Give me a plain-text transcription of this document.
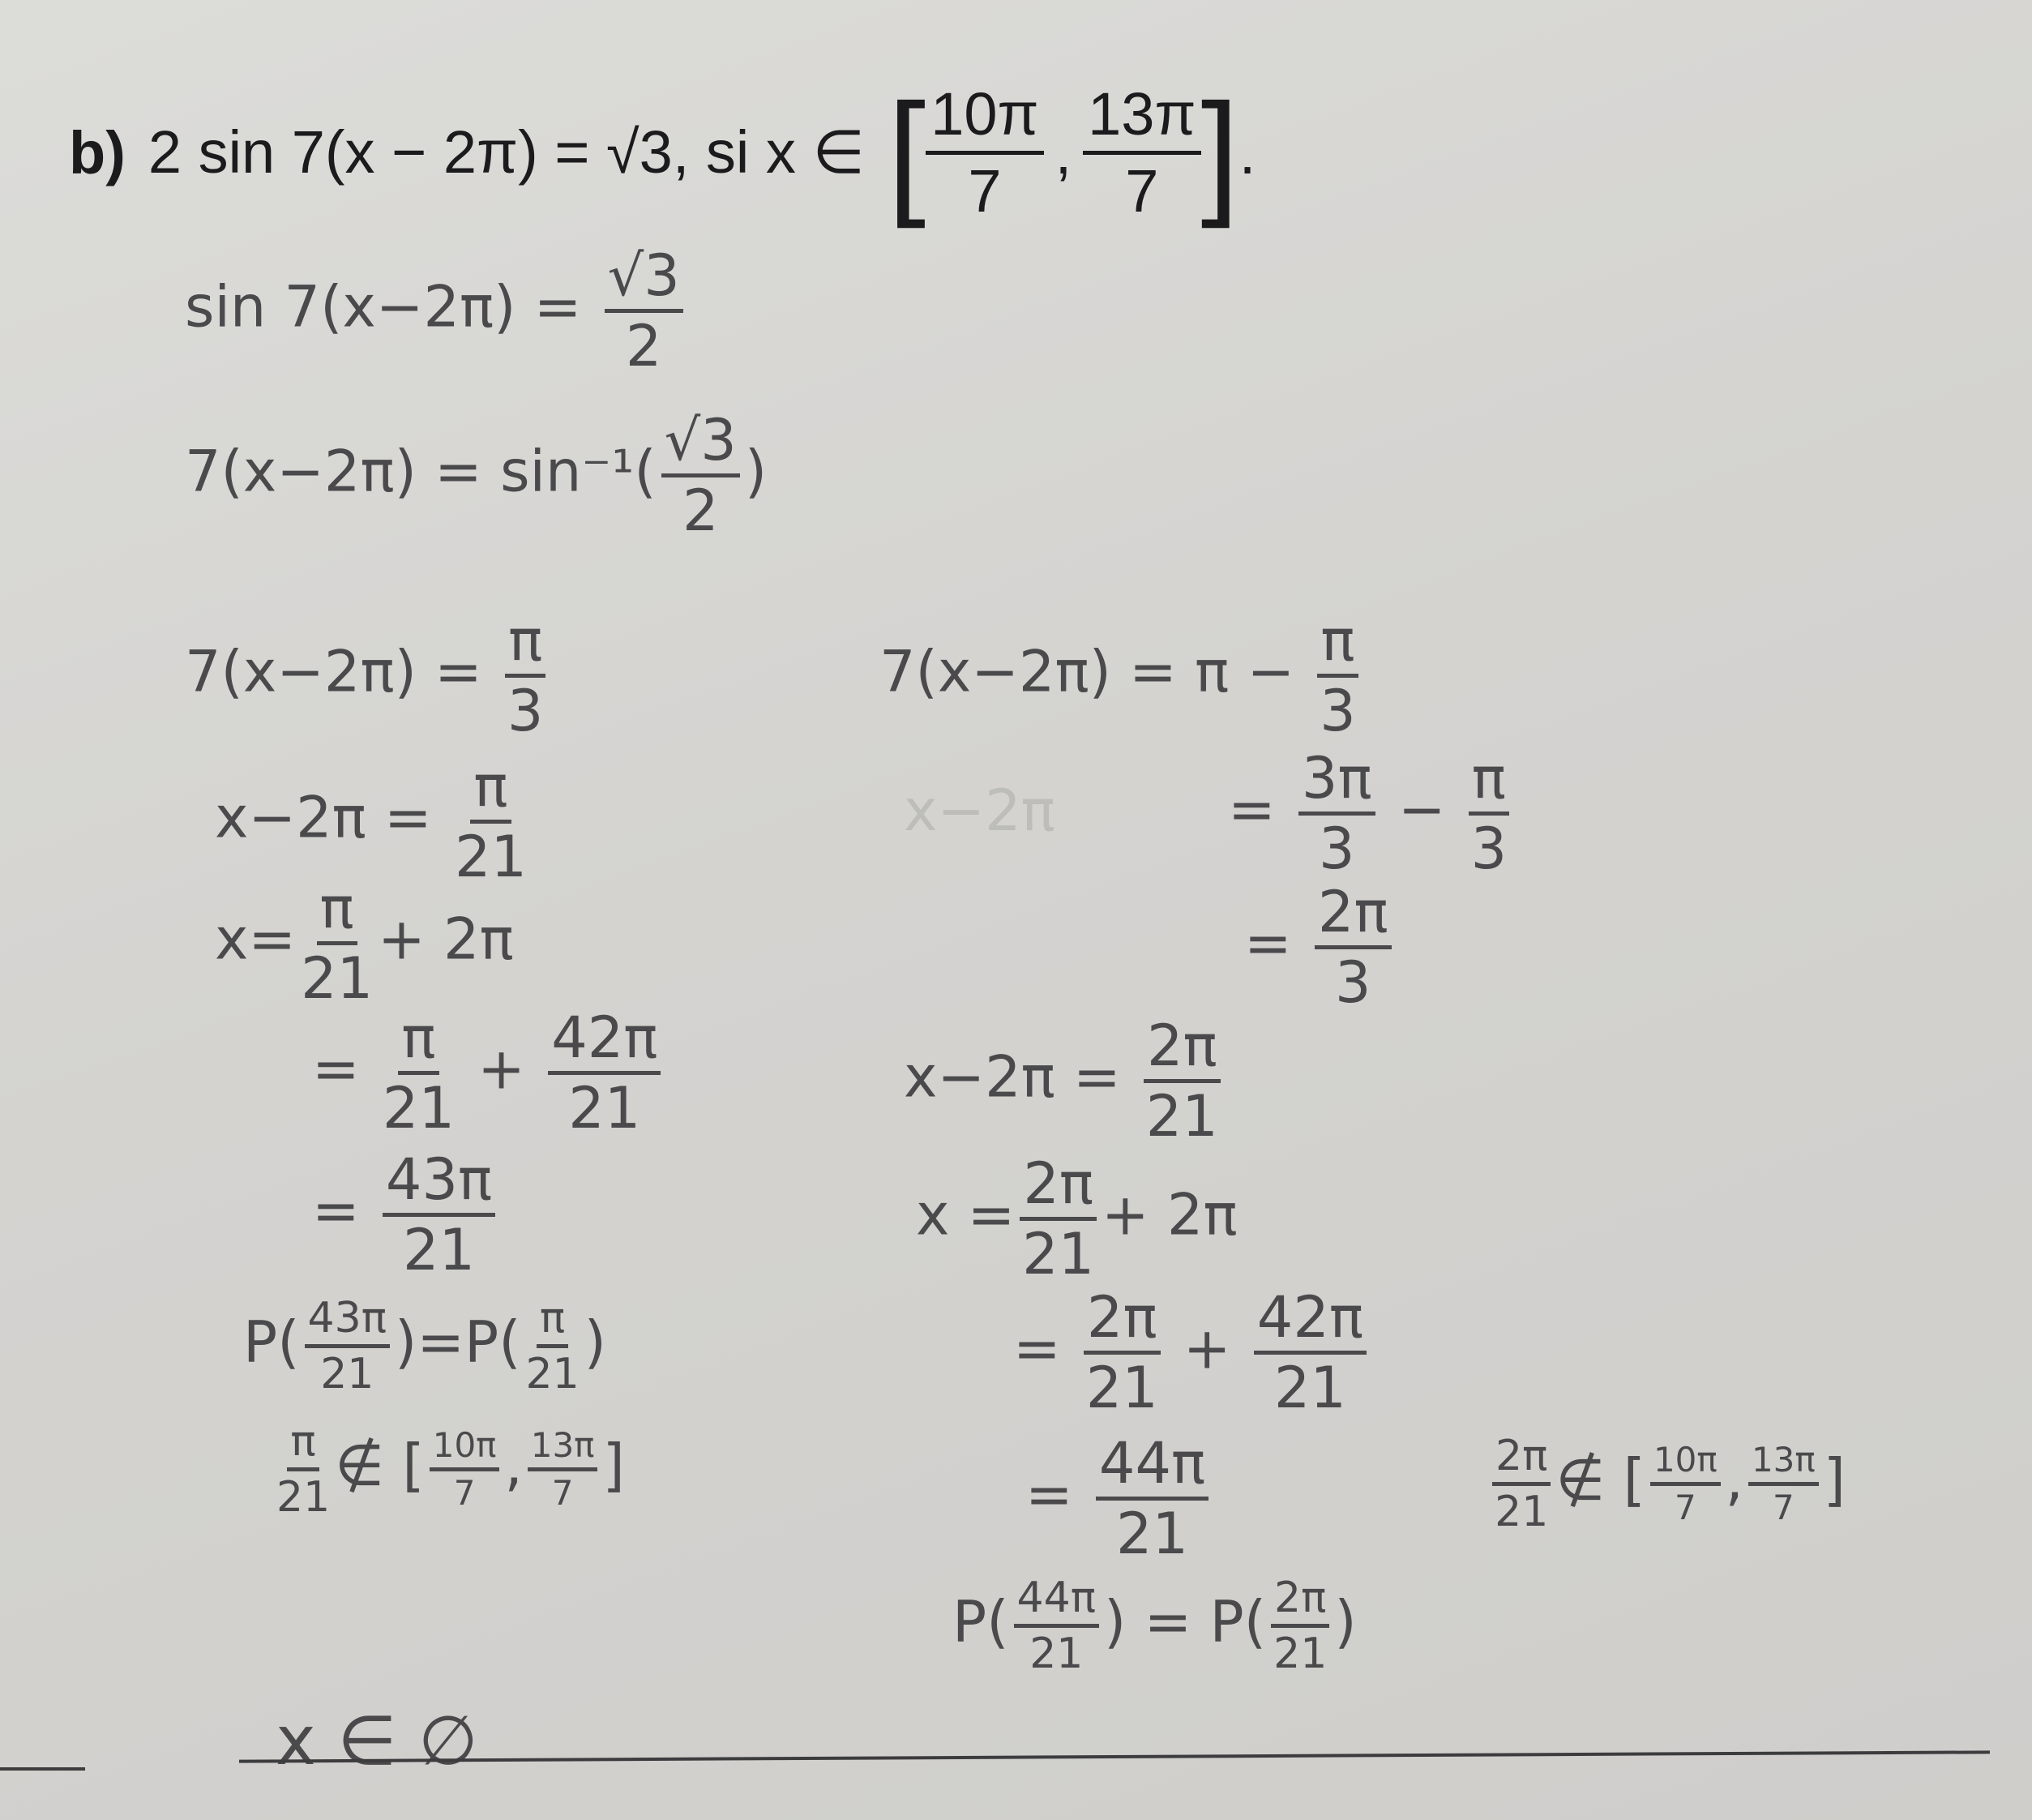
b) 2 sin 7(x − 2π) = √3, si x ∈ [ $\frac{10\pi}{7}$ , $\frac{13\pi}{7}$ ] .
$\sin 7(x-2\pi) = \frac{√3}{2}$
$7(x-2\pi) = \sin^{-1}( \frac{√3}{2}$ )
$7(x-2\pi) = \frac{\pi}{3}$
$x-2\pi = \frac{\pi}{21}$
$x= \frac{\pi}{21} + 2\pi$
= $\frac{\pi}{21} + \frac{42\pi}{21}$
= $\frac{43\pi}{21}$
$P( \frac{43\pi}{21} )=P( \frac{\pi}{21}$ )
$\frac{\pi}{21}$ ∉ [ $\frac{10\pi}{7}$ , $\frac{13\pi}{7}$ ]
$7(x-2\pi) = \pi - \frac{\pi}{3}$
x−2π	= $\frac{3\pi}{3} - \frac{\pi}{3}$
= $\frac{2\pi}{3}$
$x-2\pi = \frac{2\pi}{21}$
$x = \frac{2\pi}{21} + 2\pi$
= $\frac{2\pi}{21} + \frac{42\pi}{21}$
= $\frac{44\pi}{21}$	$\frac{2\pi}{21}$ ∉ [ $\frac{10\pi}{7}$ , $\frac{13\pi}{7}$ ]
$P( \frac{44\pi}{21}$ ) = $P( \frac{2\pi}{21}$ )
x ∈ ∅
